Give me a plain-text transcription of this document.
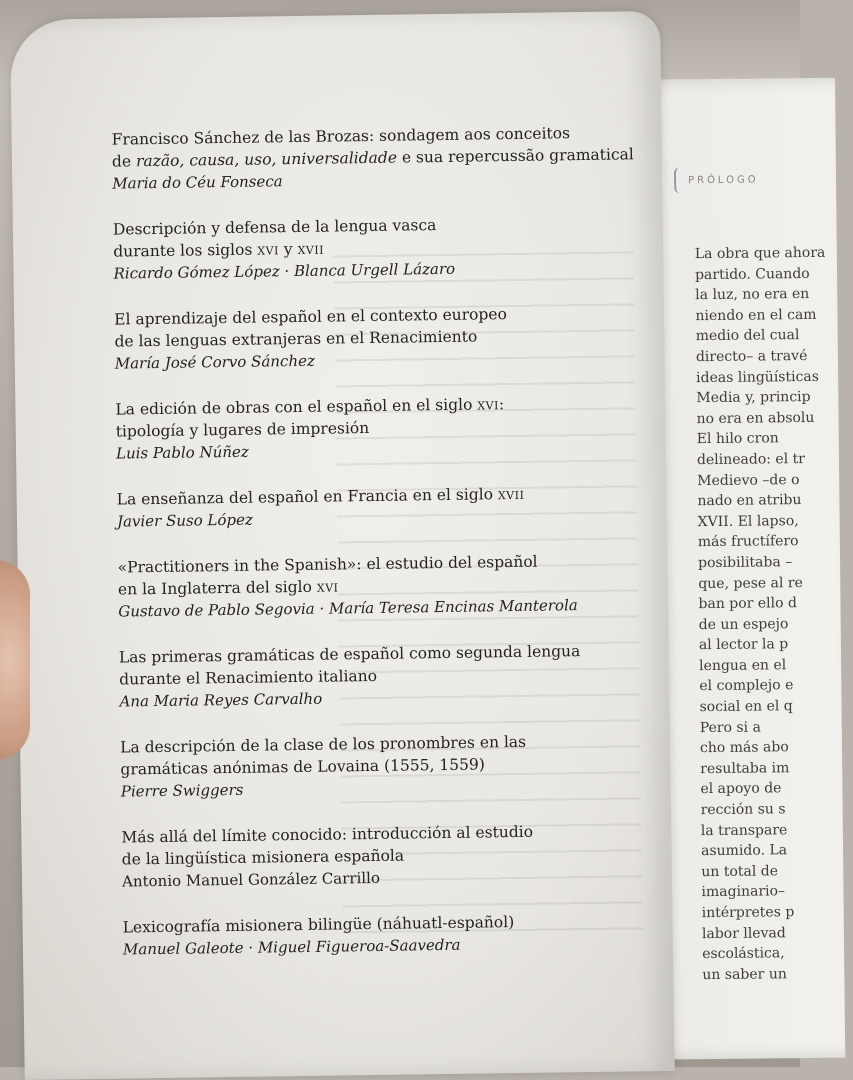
PRÓLOGO
La obra que ahora
partido. Cuando
la luz, no era en
niendo en el cam
medio del cual
directo– a travé
ideas lingüísticas
Media y, princip
no era en absolu
El hilo cron
delineado: el tr
Medievo –de o
nado en atribu
XVII. El lapso,
más fructífero
posibilitaba –
que, pese al re
ban por ello d
de un espejo
al lector la p
lengua en el
el complejo e
social en el q
Pero si a
cho más abo
resultaba im
el apoyo de
rección su s
la transpare
asumido. La
un total de
imaginario–
intérpretes p
labor llevad
escolástica,
un saber un
Francisco Sánchez de las Brozas: sondagem aos conceitos
de razão, causa, uso, universalidade e sua repercussão gramatical
Maria do Céu Fonseca
Descripción y defensa de la lengua vasca
durante los siglos xvi y xvii
Ricardo Gómez López · Blanca Urgell Lázaro
El aprendizaje del español en el contexto europeo
de las lenguas extranjeras en el Renacimiento
María José Corvo Sánchez
La edición de obras con el español en el siglo xvi:
tipología y lugares de impresión
Luis Pablo Núñez
La enseñanza del español en Francia en el siglo xvii
Javier Suso López
«Practitioners in the Spanish»: el estudio del español
en la Inglaterra del siglo xvi
Gustavo de Pablo Segovia · María Teresa Encinas Manterola
Las primeras gramáticas de español como segunda lengua
durante el Renacimiento italiano
Ana Maria Reyes Carvalho
La descripción de la clase de los pronombres en las
gramáticas anónimas de Lovaina (1555, 1559)
Pierre Swiggers
Más allá del límite conocido: introducción al estudio
de la lingüística misionera española
Antonio Manuel González Carrillo
Lexicografía misionera bilingüe (náhuatl-español)
Manuel Galeote · Miguel Figueroa-Saavedra
